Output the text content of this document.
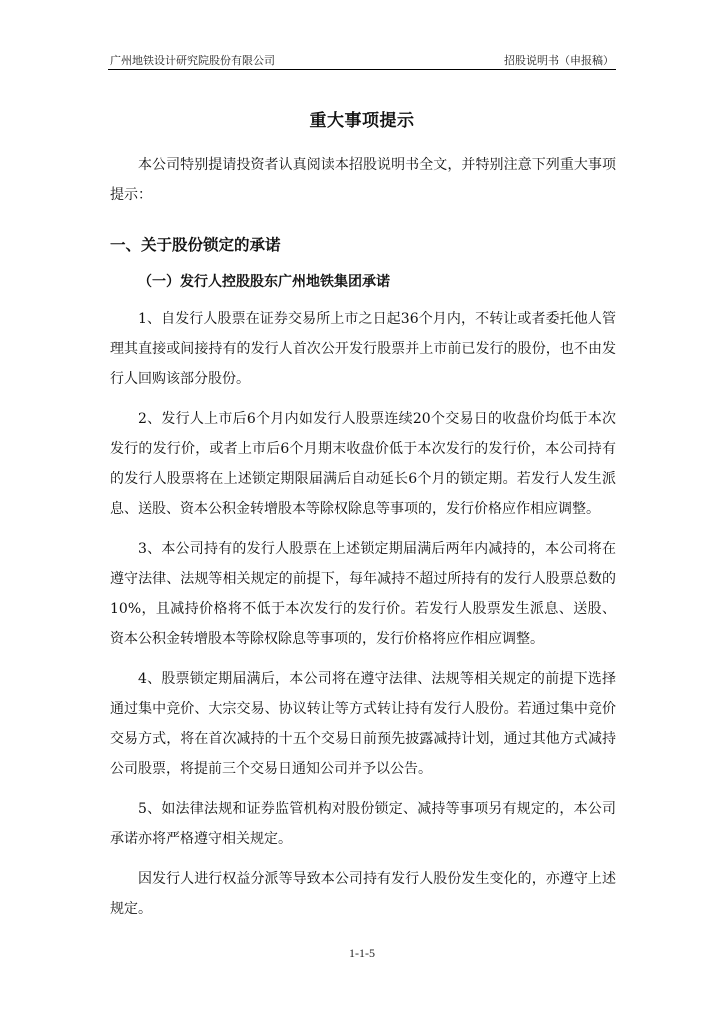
广州地铁设计研究院股份有限公司	招股说明书（申报稿）
重大事项提示

本公司特别提请投资者认真阅读本招股说明书全文，并特别注意下列重大事项提示：

一、关于股份锁定的承诺
（一）发行人控股股东广州地铁集团承诺

1、自发行人股票在证券交易所上市之日起36个月内，不转让或者委托他人管理其直接或间接持有的发行人首次公开发行股票并上市前已发行的股份，也不由发行人回购该部分股份。

2、发行人上市后6个月内如发行人股票连续20个交易日的收盘价均低于本次发行的发行价，或者上市后6个月期末收盘价低于本次发行的发行价，本公司持有的发行人股票将在上述锁定期限届满后自动延长6个月的锁定期。若发行人发生派息、送股、资本公积金转增股本等除权除息等事项的，发行价格应作相应调整。

3、本公司持有的发行人股票在上述锁定期届满后两年内减持的，本公司将在遵守法律、法规等相关规定的前提下，每年减持不超过所持有的发行人股票总数的10%，且减持价格将不低于本次发行的发行价。若发行人股票发生派息、送股、资本公积金转增股本等除权除息等事项的，发行价格将应作相应调整。

4、股票锁定期届满后，本公司将在遵守法律、法规等相关规定的前提下选择通过集中竞价、大宗交易、协议转让等方式转让持有发行人股份。若通过集中竞价交易方式，将在首次减持的十五个交易日前预先披露减持计划，通过其他方式减持公司股票，将提前三个交易日通知公司并予以公告。

5、如法律法规和证券监管机构对股份锁定、减持等事项另有规定的，本公司承诺亦将严格遵守相关规定。

因发行人进行权益分派等导致本公司持有发行人股份发生变化的，亦遵守上述规定。

1-1-5
